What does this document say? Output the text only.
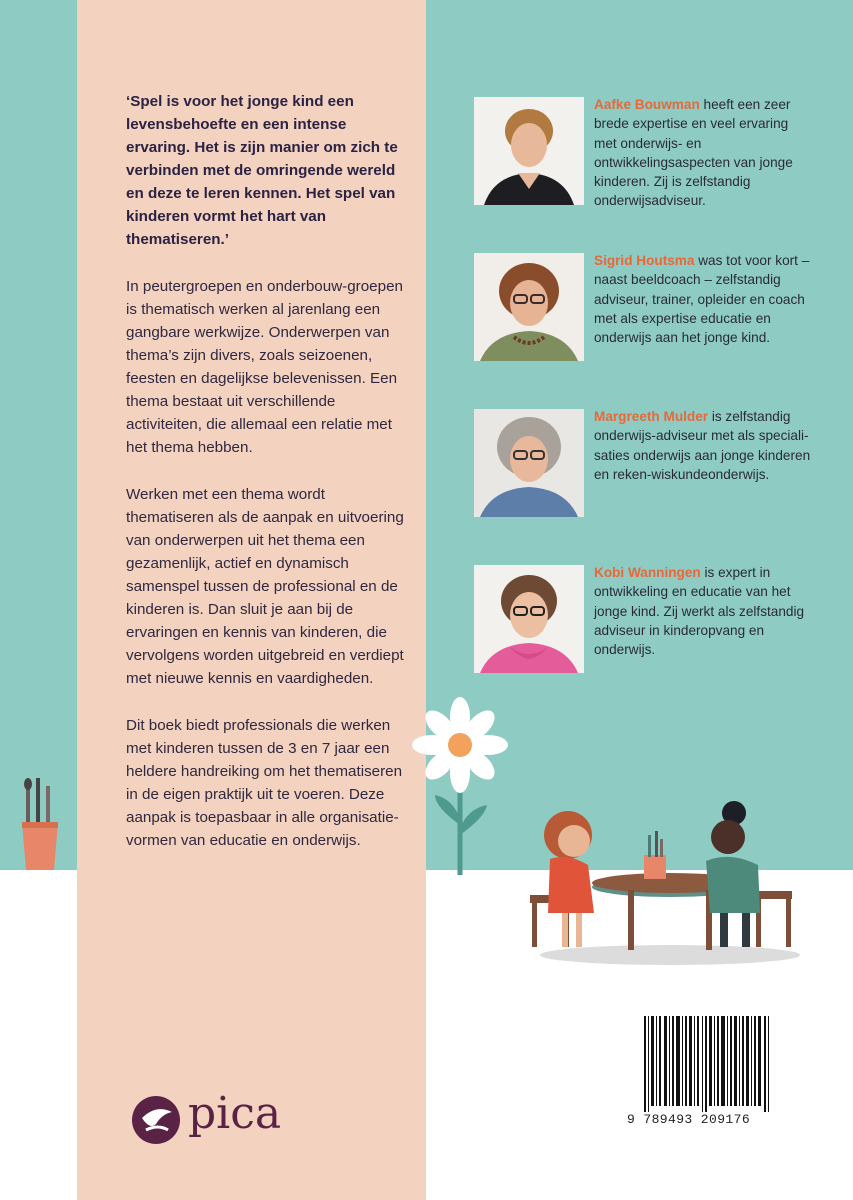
‘Spel is voor het jonge kind een levensbehoefte en een intense ervaring. Het is zijn manier om zich te verbinden met de omringende wereld en deze te leren kennen. Het spel van kinderen vormt het hart van thematiseren.’

In peutergroepen en onderbouw-groepen is thematisch werken al jarenlang een gangbare werkwijze. Onderwerpen van thema’s zijn divers, zoals seizoenen, feesten en dagelijkse belevenissen. Een thema bestaat uit verschillende activiteiten, die allemaal een relatie met het thema hebben.

Werken met een thema wordt thematiseren als de aanpak en uitvoering van onderwerpen uit het thema een gezamenlijk, actief en dynamisch samenspel tussen de professional en de kinderen is. Dan sluit je aan bij de ervaringen en kennis van kinderen, die vervolgens worden uitgebreid en verdiept met nieuwe kennis en vaardigheden.

Dit boek biedt professionals die werken met kinderen tussen de 3 en 7 jaar een heldere handreiking om het thematiseren in de eigen praktijk uit te voeren. Deze aanpak is toepasbaar in alle organisatie-vormen van educatie en onderwijs.

Aafke Bouwman heeft een zeer brede expertise en veel ervaring met onderwijs- en ontwikkelingsaspecten van jonge kinderen. Zij is zelfstandig onderwijsadviseur.
Sigrid Houtsma was tot voor kort – naast beeldcoach – zelfstandig adviseur, trainer, opleider en coach met als expertise educatie en onderwijs aan het jonge kind.
Margreeth Mulder is zelfstandig onderwijs-adviseur met als speciali-saties onderwijs aan jonge kinderen en reken-wiskundeonderwijs.
Kobi Wanningen is expert in ontwikkeling en educatie van het jonge kind. Zij werkt als zelfstandig adviseur in kinderopvang en onderwijs.
pica	9 789493 209176
